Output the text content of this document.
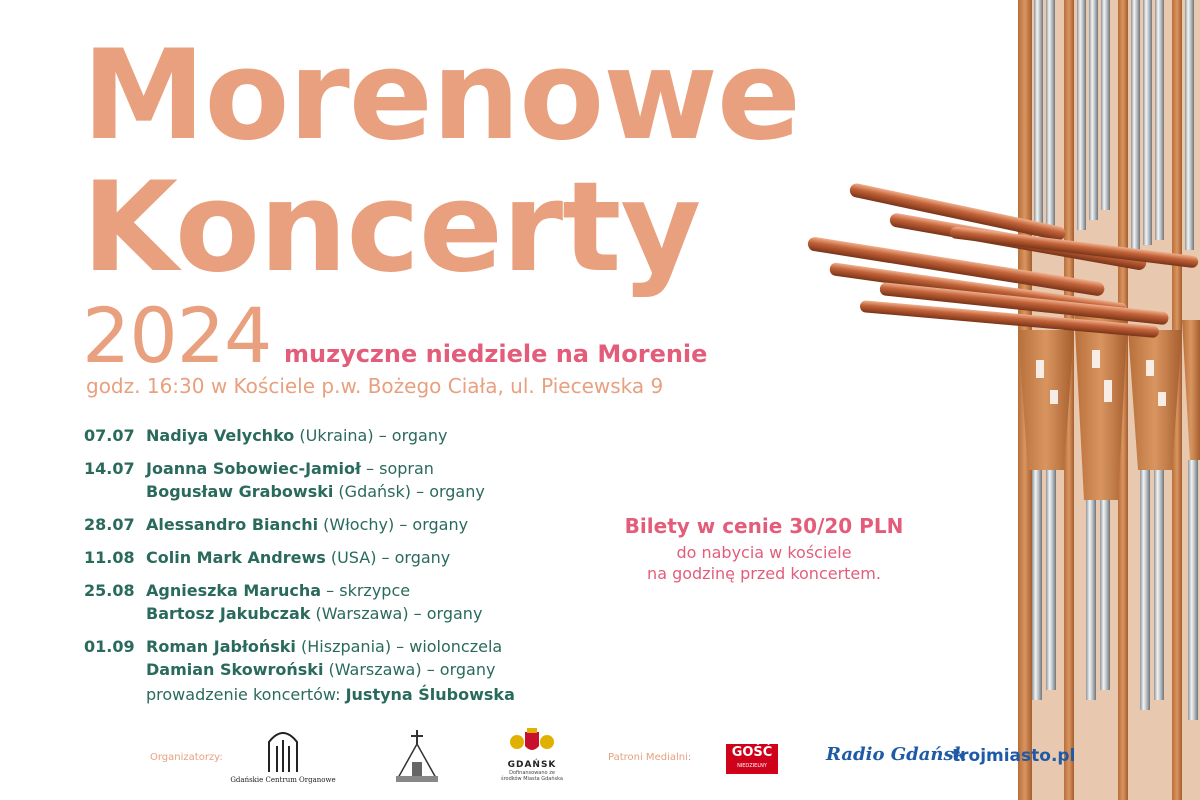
Morenowe
Koncerty
2024 muzyczne niedziele na Morenie
godz. 16:30 w Kościele p.w. Bożego Ciała, ul. Piecewska 9
07.07 Nadiya Velychko (Ukraina) – organy
14.07 Joanna Sobowiec-Jamioł – sopran
Bogusław Grabowski (Gdańsk) – organy
28.07 Alessandro Bianchi (Włochy) – organy
11.08 Colin Mark Andrews (USA) – organy
25.08 Agnieszka Marucha – skrzypce
Bartosz Jakubczak (Warszawa) – organy
01.09 Roman Jabłoński (Hiszpania) – wiolonczela
Damian Skowroński (Warszawa) – organy
prowadzenie koncertów: Justyna Ślubowska
Bilety w cenie 30/20 PLN
do nabycia w kościele
na godzinę przed koncertem.
Organizatorzy:	Patroni Medialni:
Gdańskie Centrum Organowe
GDAŃSK
Dofinansowano ze środków Miasta Gdańska
GOŚĆ
NIEDZIELNY
Radio Gdańsk
trojmiasto.pl
